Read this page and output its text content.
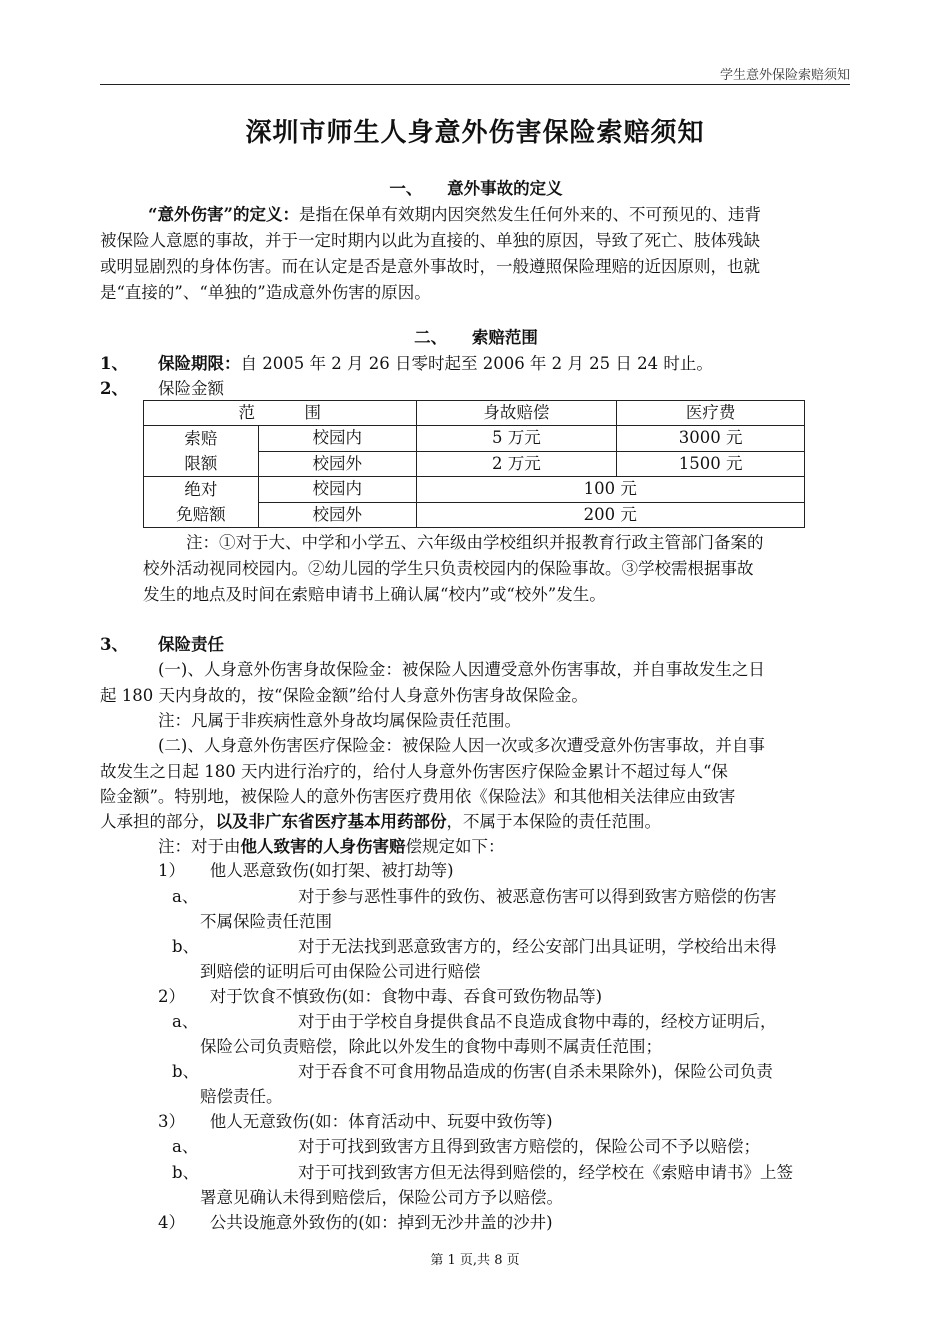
学生意外保险索赔须知
深圳市师生人身意外伤害保险索赔须知
一、　　意外事故的定义
“意外伤害”的定义：是指在保单有效期内因突然发生任何外来的、不可预见的、违背
被保险人意愿的事故，并于一定时期内以此为直接的、单独的原因，导致了死亡、肢体残缺
或明显剧烈的身体伤害。而在认定是否是意外事故时，一般遵照保险理赔的近因原则，也就
是“直接的”、“单独的”造成意外伤害的原因。
二、　　索赔范围
1、 保险期限：自 2005 年 2 月 26 日零时起至 2006 年 2 月 25 日 24 时止。
2、 保险金额
范　　　围		身故赔偿	医疗费
索赔
限额	校园内	5 万元	3000 元
	校园外	2 万元	1500 元
绝对
免赔额	校园内	100 元	
	校园外	200 元	
注：①对于大、中学和小学五、六年级由学校组织并报教育行政主管部门备案的
校外活动视同校园内。②幼儿园的学生只负责校园内的保险事故。③学校需根据事故
发生的地点及时间在索赔申请书上确认属“校内”或“校外”发生。
3、 保险责任
(一)、人身意外伤害身故保险金：被保险人因遭受意外伤害事故，并自事故发生之日
起 180 天内身故的，按“保险金额”给付人身意外伤害身故保险金。
注：凡属于非疾病性意外身故均属保险责任范围。
(二)、人身意外伤害医疗保险金：被保险人因一次或多次遭受意外伤害事故，并自事
故发生之日起 180 天内进行治疗的，给付人身意外伤害医疗保险金累计不超过每人“保
险金额”。特别地，被保险人的意外伤害医疗费用依《保险法》和其他相关法律应由致害
人承担的部分，以及非广东省医疗基本用药部份，不属于本保险的责任范围。
注：对于由他人致害的人身伤害赔偿规定如下：
1）　　他人恶意致伤(如打架、被打劫等)
a、	对于参与恶性事件的致伤、被恶意伤害可以得到致害方赔偿的伤害
不属保险责任范围
b、	对于无法找到恶意致害方的，经公安部门出具证明，学校给出未得
到赔偿的证明后可由保险公司进行赔偿
2）　　对于饮食不慎致伤(如：食物中毒、吞食可致伤物品等)
a、	对于由于学校自身提供食品不良造成食物中毒的，经校方证明后，
保险公司负责赔偿，除此以外发生的食物中毒则不属责任范围；
b、	对于吞食不可食用物品造成的伤害(自杀未果除外)，保险公司负责
赔偿责任。
3）　　他人无意致伤(如：体育活动中、玩耍中致伤等)
a、	对于可找到致害方且得到致害方赔偿的，保险公司不予以赔偿；
b、	对于可找到致害方但无法得到赔偿的，经学校在《索赔申请书》上签
署意见确认未得到赔偿后，保险公司方予以赔偿。
4）　　公共设施意外致伤的(如：掉到无沙井盖的沙井)
第 1 页,共 8 页
